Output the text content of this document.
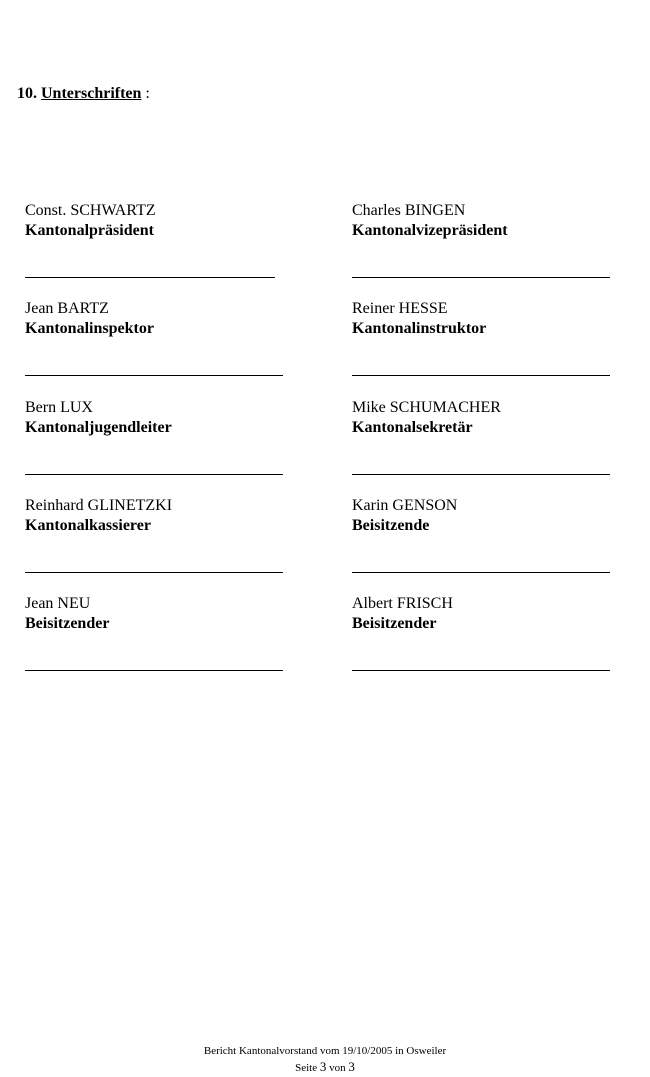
10. Unterschriften :
Const. SCHWARTZ
Kantonalpräsident
Charles BINGEN
Kantonalvizepräsident
Jean BARTZ
Kantonalinspektor
Reiner HESSE
Kantonalinstruktor
Bern LUX
Kantonaljugendleiter
Mike SCHUMACHER
Kantonalsekretär
Reinhard GLINETZKI
Kantonalkassierer
Karin GENSON
Beisitzende
Jean NEU
Beisitzender
Albert FRISCH
Beisitzender
Bericht Kantonalvorstand vom 19/10/2005 in Osweiler
Seite 3 von 3
